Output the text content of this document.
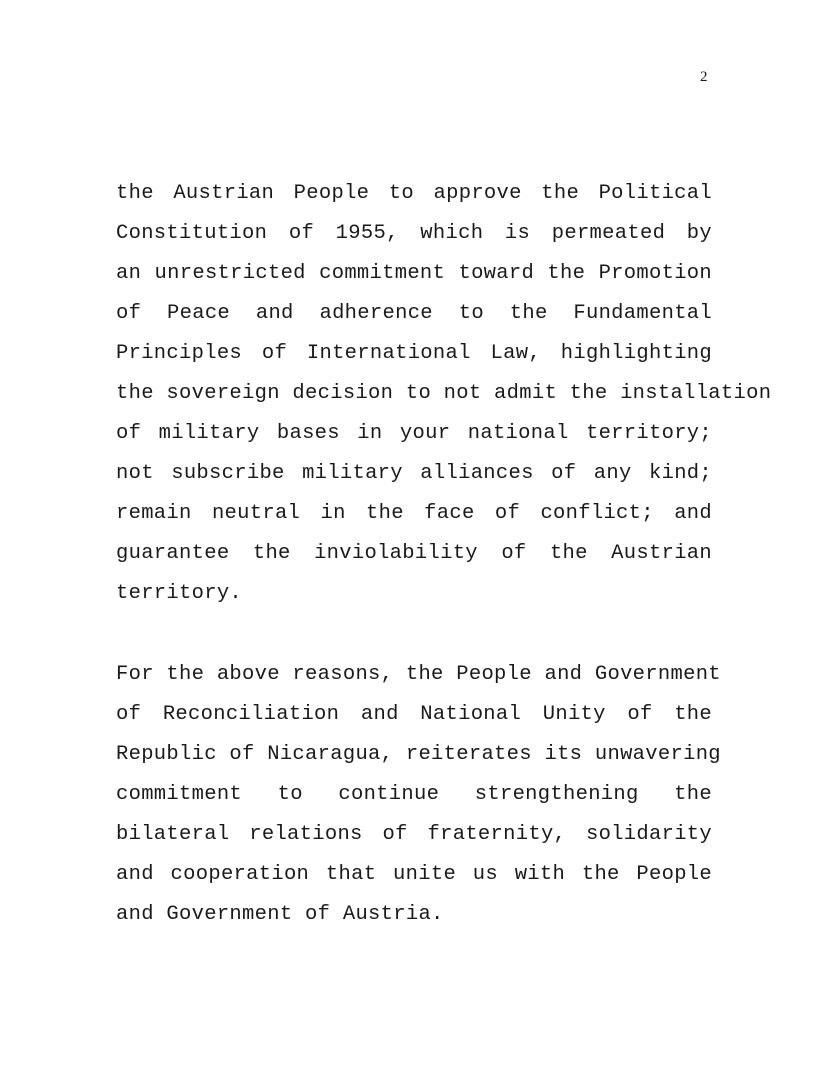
2
the Austrian People to approve the Political
Constitution of 1955, which is permeated by
an unrestricted commitment toward the Promotion
of Peace and adherence to the Fundamental
Principles of International Law, highlighting
the sovereign decision to not admit the installation
of military bases in your national territory;
not subscribe military alliances of any kind;
remain neutral in the face of conflict; and
guarantee the inviolability of the Austrian
territory.
For the above reasons, the People and Government
of Reconciliation and National Unity of the
Republic of Nicaragua, reiterates its unwavering
commitment to continue strengthening the
bilateral relations of fraternity, solidarity
and cooperation that unite us with the People
and Government of Austria.
